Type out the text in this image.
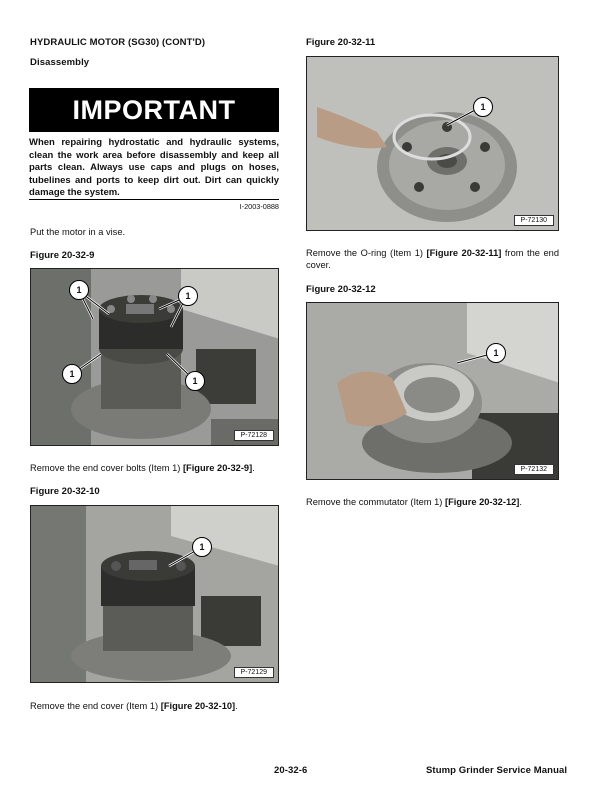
HYDRAULIC MOTOR (SG30) (CONT'D)
Disassembly
IMPORTANT
When repairing hydrostatic and hydraulic systems, clean the work area before disassembly and keep all parts clean. Always use caps and plugs on hoses, tubelines and ports to keep dirt out. Dirt can quickly damage the system.
I-2003-0888
Put the motor in a vise.
Figure 20-32-9
1
1
1
1
P-72128
Remove the end cover bolts (Item 1) [Figure 20-32-9].
Figure 20-32-10
1
P-72129
Remove the end cover (Item 1) [Figure 20-32-10].
Figure 20-32-11
1
P-72130
Remove the O-ring (Item 1) [Figure 20-32-11] from the end cover.
Figure 20-32-12
1
P-72132
Remove the commutator (Item 1) [Figure 20-32-12].
20-32-6	Stump Grinder Service Manual
